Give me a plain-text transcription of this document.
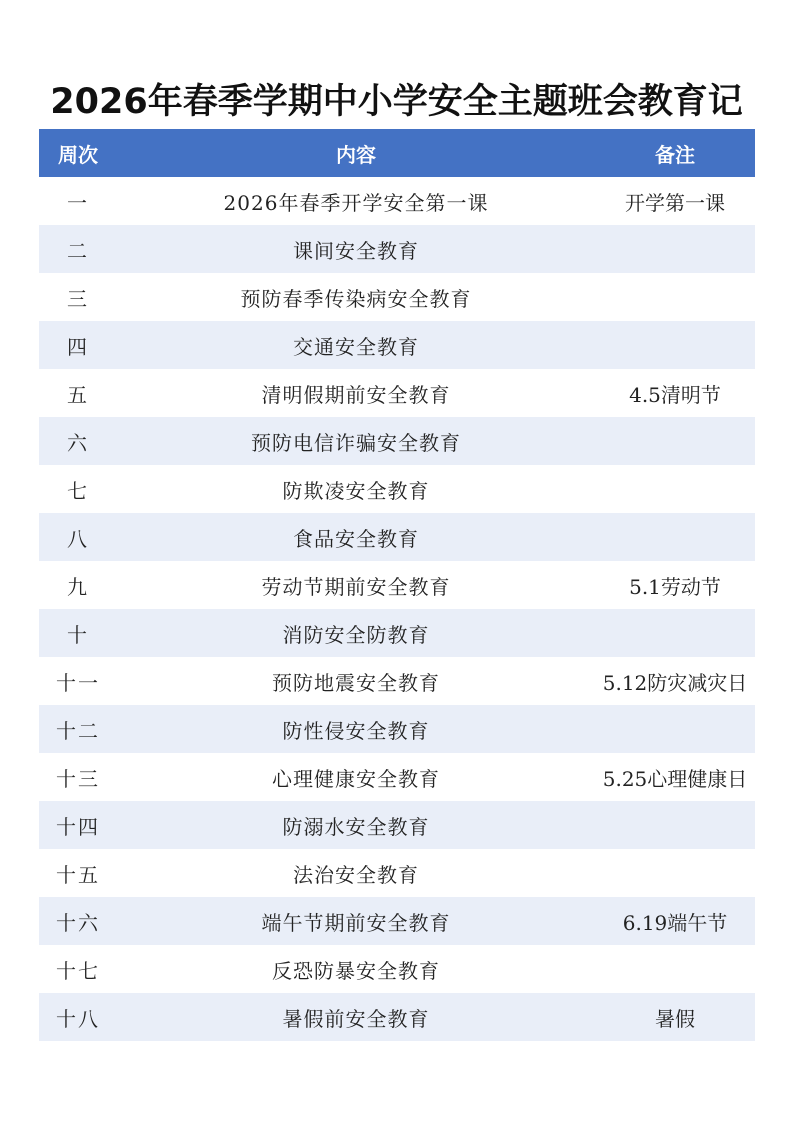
2026年春季学期中小学安全主题班会教育记
周次	内容	备注
一	2026年春季开学安全第一课	开学第一课
二	课间安全教育	
三	预防春季传染病安全教育	
四	交通安全教育	
五	清明假期前安全教育	4.5清明节
六	预防电信诈骗安全教育	
七	防欺凌安全教育	
八	食品安全教育	
九	劳动节期前安全教育	5.1劳动节
十	消防安全防教育	
十一	预防地震安全教育	5.12防灾减灾日
十二	防性侵安全教育	
十三	心理健康安全教育	5.25心理健康日
十四	防溺水安全教育	
十五	法治安全教育	
十六	端午节期前安全教育	6.19端午节
十七	反恐防暴安全教育	
十八	暑假前安全教育	暑假
